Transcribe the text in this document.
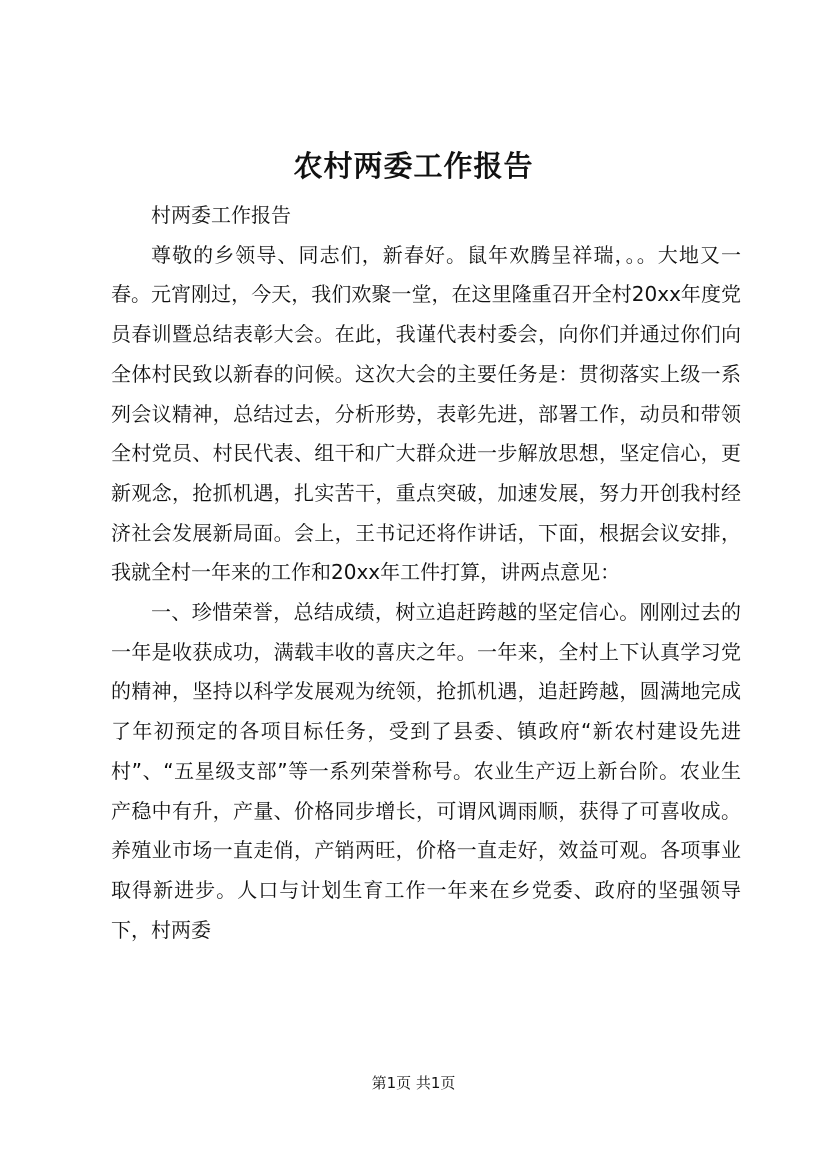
农村两委工作报告

村两委工作报告

尊敬的乡领导、同志们，新春好。鼠年欢腾呈祥瑞，。。大地又一春。元宵刚过，今天，我们欢聚一堂，在这里隆重召开全村20xx年度党员春训暨总结表彰大会。在此，我谨代表村委会，向你们并通过你们向全体村民致以新春的问候。这次大会的主要任务是：贯彻落实上级一系列会议精神，总结过去，分析形势，表彰先进，部署工作，动员和带领全村党员、村民代表、组干和广大群众进一步解放思想，坚定信心，更新观念，抢抓机遇，扎实苦干，重点突破，加速发展，努力开创我村经济社会发展新局面。会上，王书记还将作讲话，下面，根据会议安排，我就全村一年来的工作和20xx年工件打算，讲两点意见：

一、珍惜荣誉，总结成绩，树立追赶跨越的坚定信心。刚刚过去的一年是收获成功，满载丰收的喜庆之年。一年来，全村上下认真学习党的精神，坚持以科学发展观为统领，抢抓机遇，追赶跨越，圆满地完成了年初预定的各项目标任务，受到了县委、镇政府“新农村建设先进村”、“五星级支部”等一系列荣誉称号。农业生产迈上新台阶。农业生产稳中有升，产量、价格同步增长，可谓风调雨顺，获得了可喜收成。养殖业市场一直走俏，产销两旺，价格一直走好，效益可观。各项事业取得新进步。人口与计划生育工作一年来在乡党委、政府的坚强领导下，村两委

第1页 共1页
